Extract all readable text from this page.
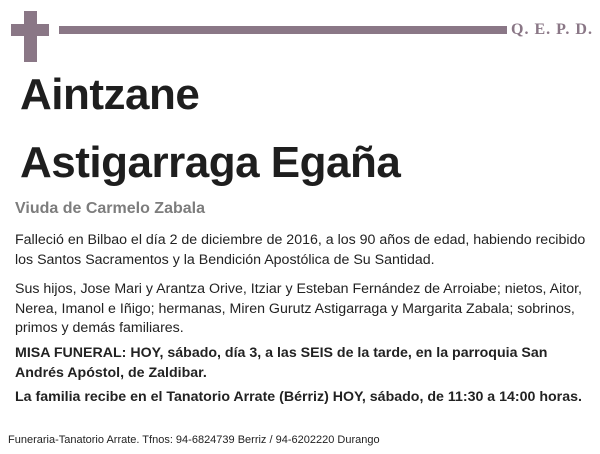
Q. E. P. D.
Aintzane
Astigarraga Egaña
Viuda de Carmelo Zabala
Falleció en Bilbao el día 2 de diciembre de 2016, a los 90 años de edad, habiendo recibido los Santos Sacramentos y la Bendición Apostólica de Su Santidad.
Sus hijos, Jose Mari y Arantza Orive, Itziar y Esteban Fernández de Arroiabe; nietos, Aitor, Nerea, Imanol e Iñigo; hermanas, Miren Gurutz Astigarraga y Margarita Zabala; sobrinos, primos y demás familiares.
MISA FUNERAL: HOY, sábado, día 3, a las SEIS de la tarde, en la parroquia San Andrés Apóstol, de Zaldibar.
La familia recibe en el Tanatorio Arrate (Bérriz) HOY, sábado, de 11:30 a 14:00 horas.
Funeraria-Tanatorio Arrate. Tfnos: 94-6824739 Berriz / 94-6202220 Durango
